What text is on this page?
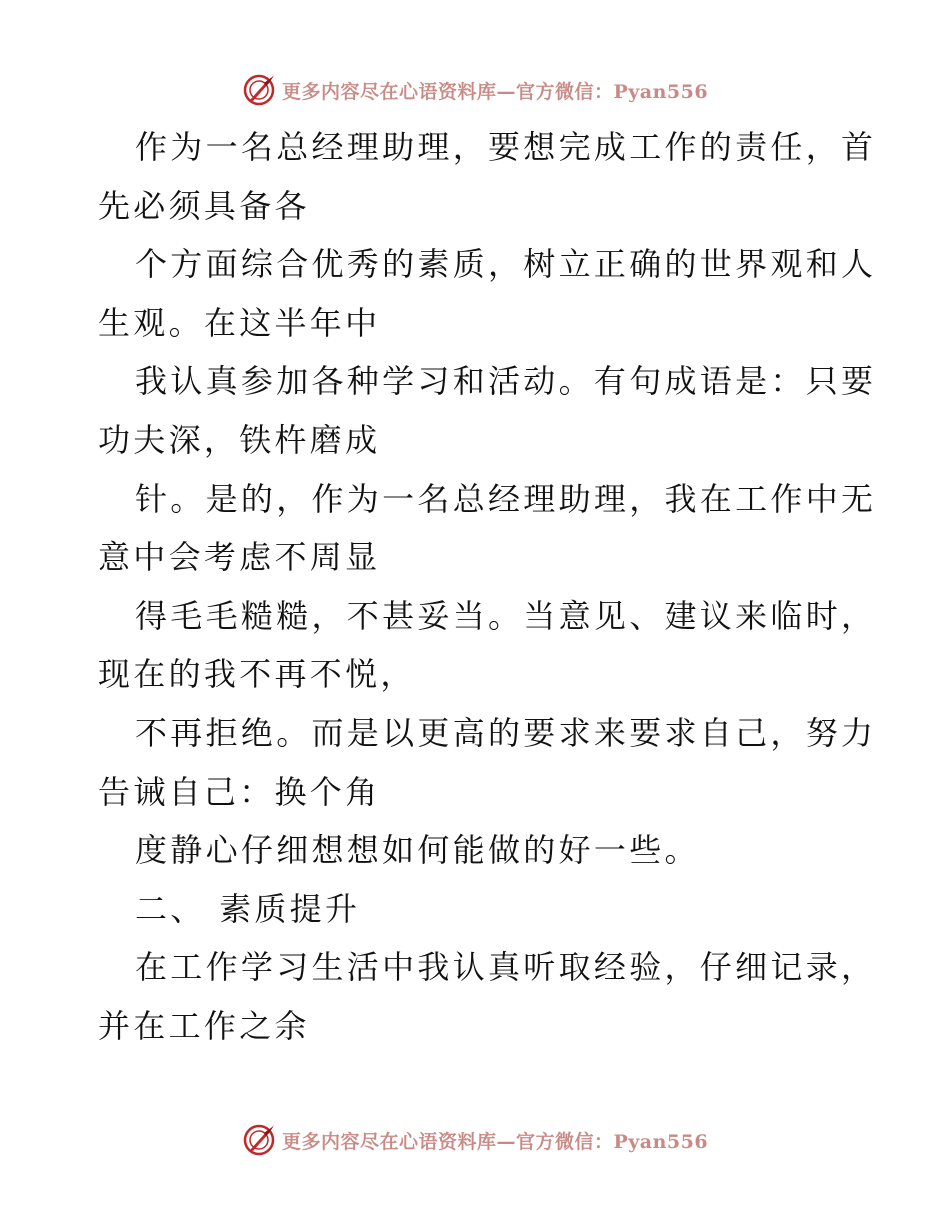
更多内容尽在心语资料库—官方微信：Pyan556
作为一名总经理助理，要想完成工作的责任，首
先必须具备各
个方面综合优秀的素质，树立正确的世界观和人
生观。在这半年中
我认真参加各种学习和活动。有句成语是：只要
功夫深，铁杵磨成
针。是的，作为一名总经理助理，我在工作中无
意中会考虑不周显
得毛毛糙糙，不甚妥当。当意见、建议来临时，
现在的我不再不悦，
不再拒绝。而是以更高的要求来要求自己，努力
告诫自己：换个角
度静心仔细想想如何能做的好一些。
二、 素质提升
在工作学习生活中我认真听取经验，仔细记录，
并在工作之余
更多内容尽在心语资料库—官方微信：Pyan556
